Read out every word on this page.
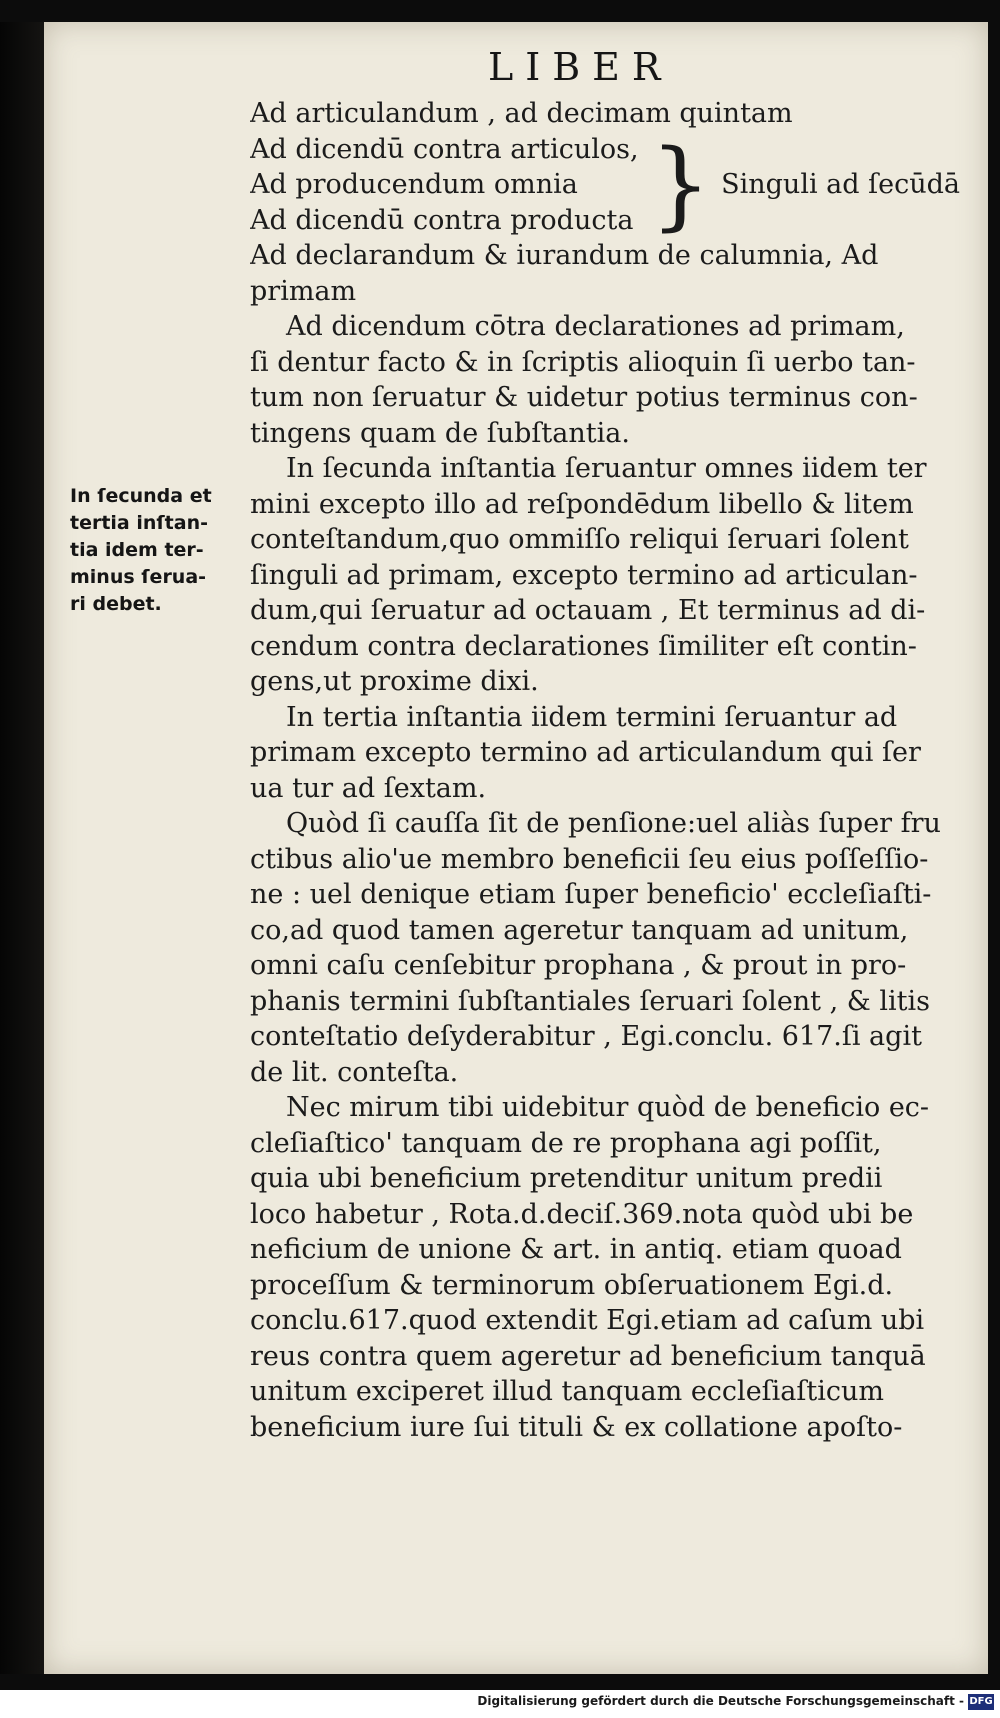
LIBER
In ſecunda et
tertia inſtan-
tia idem ter-
minus ſerua-
ri debet.
Ad articulandum , ad decimam quintam
Ad dicendū contra articulos,
Ad producendum omnia
Ad dicendū contra producta } Singuli ad ſecūdā
Ad declarandum & iurandum de calumnia, Ad
primam
Ad dicendum cōtra declarationes ad primam,
ſi dentur facto & in ſcriptis alioquin ſi uerbo tan-
tum non ſeruatur & uidetur potius terminus con-
tingens quam de ſubſtantia.
In ſecunda inſtantia ſeruantur omnes iidem ter
mini excepto illo ad reſpondēdum libello & litem
conteſtandum,quo ommiſſo reliqui ſeruari ſolent
ſinguli ad primam, excepto termino ad articulan-
dum,qui ſeruatur ad octauam , Et terminus ad di-
cendum contra declarationes ſimiliter eſt contin-
gens,ut proxime dixi.
In tertia inſtantia iidem termini ſeruantur ad
primam excepto termino ad articulandum qui ſer
ua tur ad ſextam.
Quòd ſi cauſſa ſit de penſione:uel aliàs ſuper fru
ctibus alio'ue membro beneficii ſeu eius poſſeſſio-
ne : uel denique etiam ſuper beneficio' eccleſiaſti-
co,ad quod tamen ageretur tanquam ad unitum,
omni caſu cenſebitur prophana , & prout in pro-
phanis termini ſubſtantiales ſeruari ſolent , & litis
conteſtatio deſyderabitur , Egi.conclu. 617.ſi agit
de lit. conteſta.
Nec mirum tibi uidebitur quòd de beneficio ec-
cleſiaſtico' tanquam de re prophana agi poſſit,
quia ubi beneficium pretenditur unitum predii
loco habetur , Rota.d.deciſ.369.nota quòd ubi be
neficium de unione & art. in antiq. etiam quoad
proceſſum & terminorum obſeruationem Egi.d.
conclu.617.quod extendit Egi.etiam ad caſum ubi
reus contra quem ageretur ad beneficium tanquā
unitum exciperet illud tanquam eccleſiaſticum
beneficium iure ſui tituli & ex collatione apoſto-
Digitalisierung gefördert durch die Deutsche Forschungsgemeinschaft - DFG
